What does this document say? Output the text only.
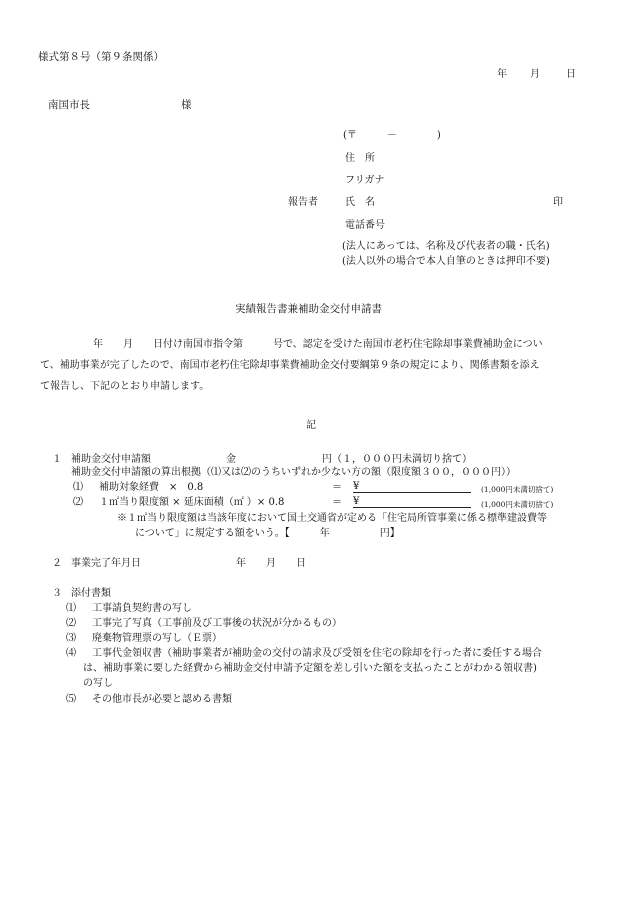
様式第８号（第９条関係）
年 月	日
南国市長	様
(〒　　　－　　　　)
住　所
フリガナ
報告者	氏　名	印
電話番号
(法人にあっては、名称及び代表者の職・氏名)
(法人以外の場合で本人自筆のときは押印不要)
実績報告書兼補助金交付申請書
年　　月　　日付け南国市指令第　　　号で、認定を受けた南国市老朽住宅除却事業費補助金につい
て、補助事業が完了したので、南国市老朽住宅除却事業費補助金交付要綱第９条の規定により、関係書類を添え
て報告し、下記のとおり申請します。
記
１ 補助金交付申請額	金	円（１，０００円未満切り捨て）
補助金交付申請額の算出根拠（⑴又は⑵のうちいずれか少ない方の額（限度額３００，０００円））
⑴ 補助対象経費　×　0.8	＝ ¥	(1,000円未満切捨て)
⑵ １㎡当り限度額 × 延床面積（㎡ ）× 0.8	＝ ¥	(1,000円未満切捨て)
※１㎡当り限度額は当該年度において国土交通省が定める「住宅局所管事業に係る標準建設費等
について」に規定する額をいう。【　　　年　　　　　円】
２ 事業完了年月日	年　　月　　日
３ 添付書類
⑴ 工事請負契約書の写し
⑵ 工事完了写真（工事前及び工事後の状況が分かるもの）
⑶ 廃棄物管理票の写し（Ｅ票）
⑷ 工事代金領収書（補助事業者が補助金の交付の請求及び受領を住宅の除却を行った者に委任する場合
は、補助事業に要した経費から補助金交付申請予定額を差し引いた額を支払ったことがわかる領収書)
の写し
⑸ その他市長が必要と認める書類
